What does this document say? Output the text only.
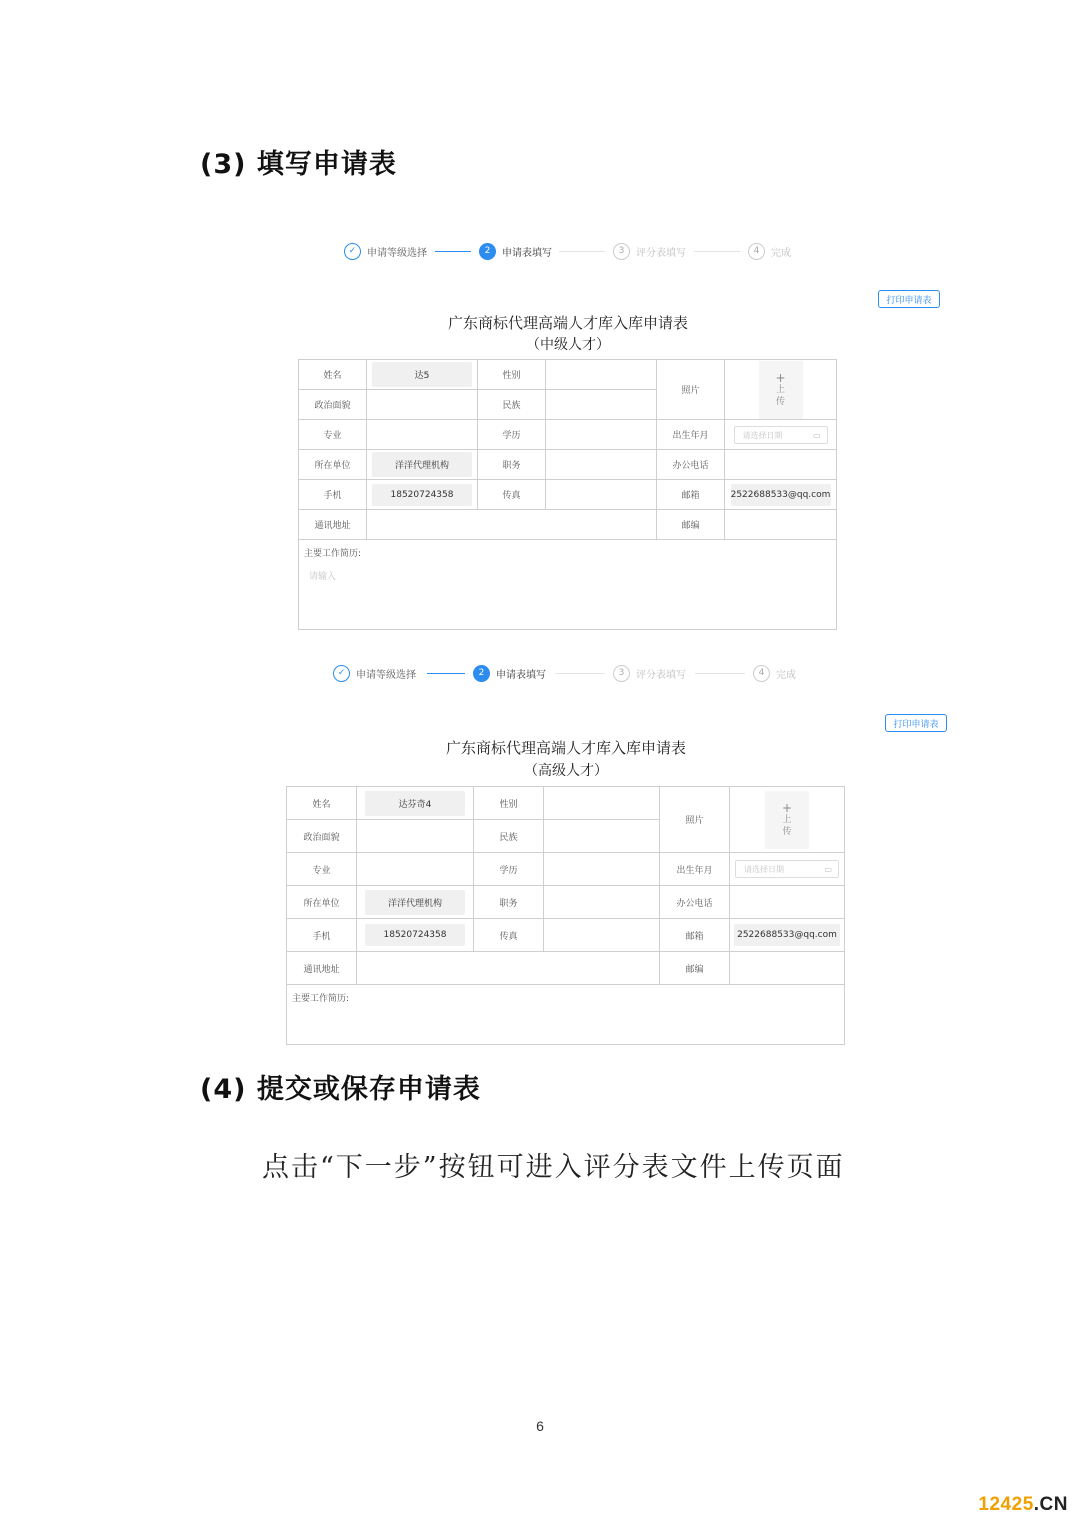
(3) 填写申请表
✓	申请等级选择	2	申请表填写	3	评分表填写	4	完成
打印申请表
广东商标代理高端人才库入库申请表
（中级人才）
姓名	达5	性别		照片	+
上
传

政治面貌		民族			
专业		学历		出生年月	请选择日期 ▭

所在单位	洋洋代理机构	职务		办公电话	
手机	18520724358	传真		邮箱	2522688533@qq.com
通讯地址				邮编	

主要工作简历:
请输入					
✓	申请等级选择	2	申请表填写	3	评分表填写	4	完成
打印申请表
广东商标代理高端人才库入库申请表
（高级人才）
姓名	达芬奇4	性别		照片	+
上
传

政治面貌		民族			
专业		学历		出生年月	请选择日期 ▭

所在单位	洋洋代理机构	职务		办公电话	
手机	18520724358	传真		邮箱	2522688533@qq.com
通讯地址				邮编	

主要工作简历:					
(4) 提交或保存申请表
点击“下一步”按钮可进入评分表文件上传页面
6
12425.CN
